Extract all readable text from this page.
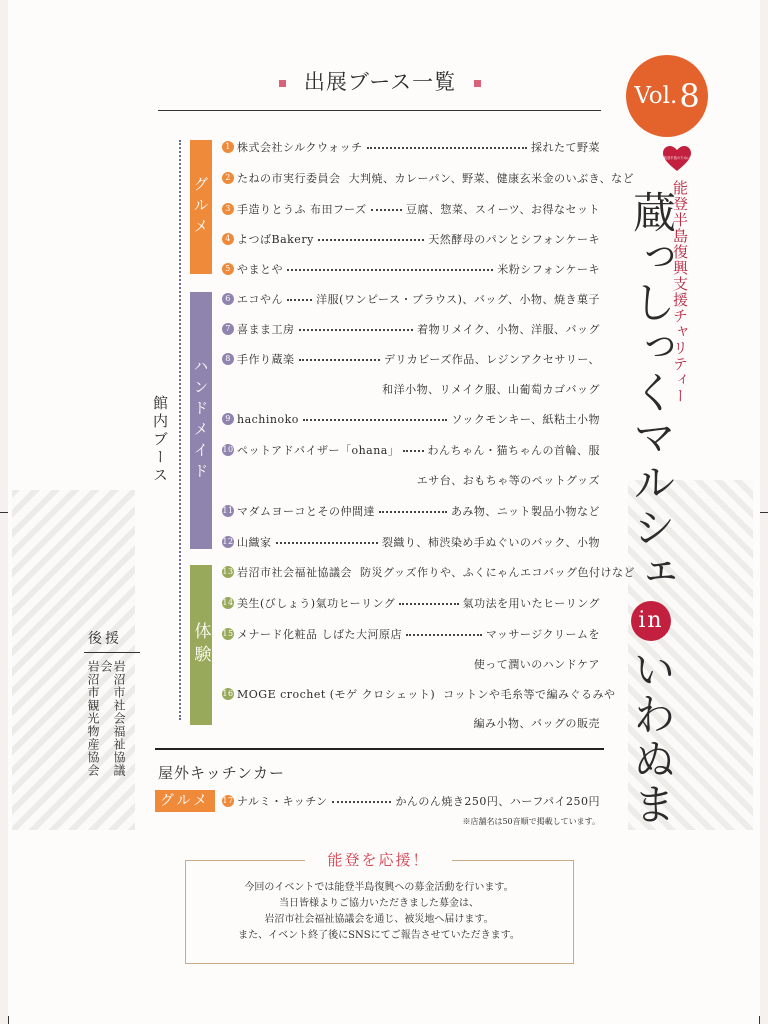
出展ブース一覧
Vol. 8
能登半島のために
能登半島復興支援チャリティー
蔵っしっくマルシェinいわぬま
館内ブース
グルメ
ハンドメイド
体験
1 株式会社シルクウォッチ	採れたて野菜
2 たねの市実行委員会 大判焼、カレーパン、野菜、健康玄米金のいぶき、など
3 手造りとうふ 布田フーズ	豆腐、惣菜、スイーツ、お得なセット
4 よつばBakery	天然酵母のパンとシフォンケーキ
5 やまとや	米粉シフォンケーキ
6 エコやん	洋服(ワンピース・ブラウス)、バッグ、小物、焼き菓子
7 喜まま工房	着物リメイク、小物、洋服、バッグ
8 手作り蔵楽	デリカビーズ作品、レジンアクセサリー、
和洋小物、リメイク服、山葡萄カゴバッグ
9 hachinoko	ソックモンキー、紙粘土小物
10 ペットアドバイザー「ohana」	わんちゃん・猫ちゃんの首輪、服
エサ台、おもちゃ等のペットグッズ
11 マダムヨーコとその仲間達	あみ物、ニット製品小物など
12 山織家	裂織り、柿渋染め手ぬぐいのバック、小物
13 岩沼市社会福祉協議会 防災グッズ作りや、ふくにゃんエコバッグ色付けなど
14 美生(びしょう)氣功ヒーリング	氣功法を用いたヒーリング
15 メナード化粧品 しばた大河原店	マッサージクリームを
使って潤いのハンドケア
16 MOGE crochet (モゲ クロシェット) コットンや毛糸等で編みぐるみや
編み小物、バッグの販売
後援
岩沼市社会福祉協議会
岩沼市観光物産協会	屋外キッチンカー
グルメ	17 ナルミ・キッチン	かんのん焼き250円、ハーフパイ250円
※店舗名は50音順で掲載しています。
能登を応援！
今回のイベントでは能登半島復興への募金活動を行います。
当日皆様よりご協力いただきました募金は、
岩沼市社会福祉協議会を通じ、被災地へ届けます。
また、イベント終了後にSNSにてご報告させていただきます。
